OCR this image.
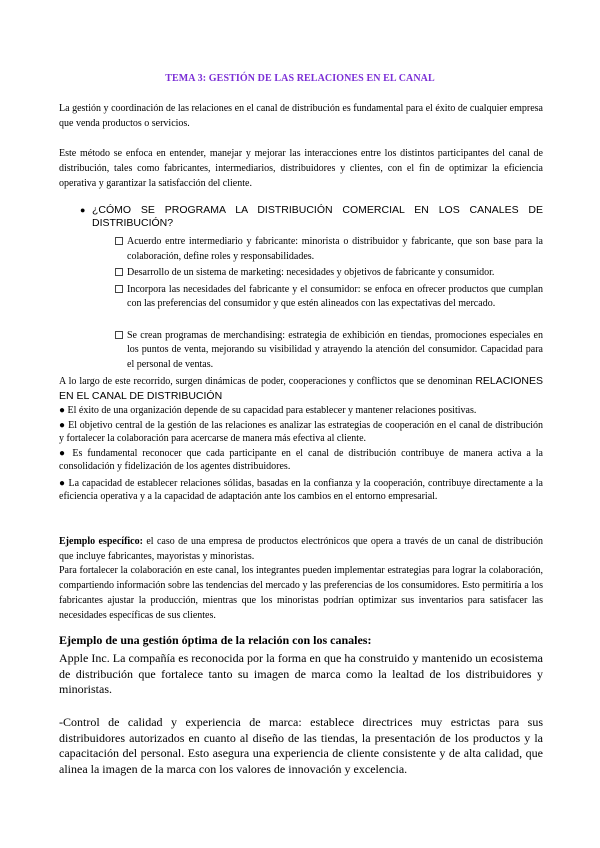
TEMA 3: GESTIÓN DE LAS RELACIONES EN EL CANAL
La gestión y coordinación de las relaciones en el canal de distribución es fundamental para el éxito de cualquier empresa que venda productos o servicios.
Este método se enfoca en entender, manejar y mejorar las interacciones entre los distintos participantes del canal de distribución, tales como fabricantes, intermediarios, distribuidores y clientes, con el fin de optimizar la eficiencia operativa y garantizar la satisfacción del cliente.
● ¿CÓMO SE PROGRAMA LA DISTRIBUCIÓN COMERCIAL EN LOS CANALES DE DISTRIBUCIÓN?
Acuerdo entre intermediario y fabricante: minorista o distribuidor y fabricante, que son base para la colaboración, define roles y responsabilidades.
Desarrollo de un sistema de marketing: necesidades y objetivos de fabricante y consumidor.
Incorpora las necesidades del fabricante y el consumidor: se enfoca en ofrecer productos que cumplan con las preferencias del consumidor y que estén alineados con las expectativas del mercado.
Se crean programas de merchandising: estrategia de exhibición en tiendas, promociones especiales en los puntos de venta, mejorando su visibilidad y atrayendo la atención del consumidor. Capacidad para el personal de ventas.
A lo largo de este recorrido, surgen dinámicas de poder, cooperaciones y conflictos que se denominan RELACIONES EN EL CANAL DE DISTRIBUCIÓN
● El éxito de una organización depende de su capacidad para establecer y mantener relaciones positivas.
● El objetivo central de la gestión de las relaciones es analizar las estrategias de cooperación en el canal de distribución y fortalecer la colaboración para acercarse de manera más efectiva al cliente.
● Es fundamental reconocer que cada participante en el canal de distribución contribuye de manera activa a la consolidación y fidelización de los agentes distribuidores.
● La capacidad de establecer relaciones sólidas, basadas en la confianza y la cooperación, contribuye directamente a la eficiencia operativa y a la capacidad de adaptación ante los cambios en el entorno empresarial.
Ejemplo específico: el caso de una empresa de productos electrónicos que opera a través de un canal de distribución que incluye fabricantes, mayoristas y minoristas.
Para fortalecer la colaboración en este canal, los integrantes pueden implementar estrategias para lograr la colaboración, compartiendo información sobre las tendencias del mercado y las preferencias de los consumidores. Esto permitiría a los fabricantes ajustar la producción, mientras que los minoristas podrían optimizar sus inventarios para satisfacer las necesidades específicas de sus clientes.
Ejemplo de una gestión óptima de la relación con los canales:
Apple Inc. La compañía es reconocida por la forma en que ha construido y mantenido un ecosistema de distribución que fortalece tanto su imagen de marca como la lealtad de los distribuidores y minoristas.
-Control de calidad y experiencia de marca: establece directrices muy estrictas para sus distribuidores autorizados en cuanto al diseño de las tiendas, la presentación de los productos y la capacitación del personal. Esto asegura una experiencia de cliente consistente y de alta calidad, que alinea la imagen de la marca con los valores de innovación y excelencia.
